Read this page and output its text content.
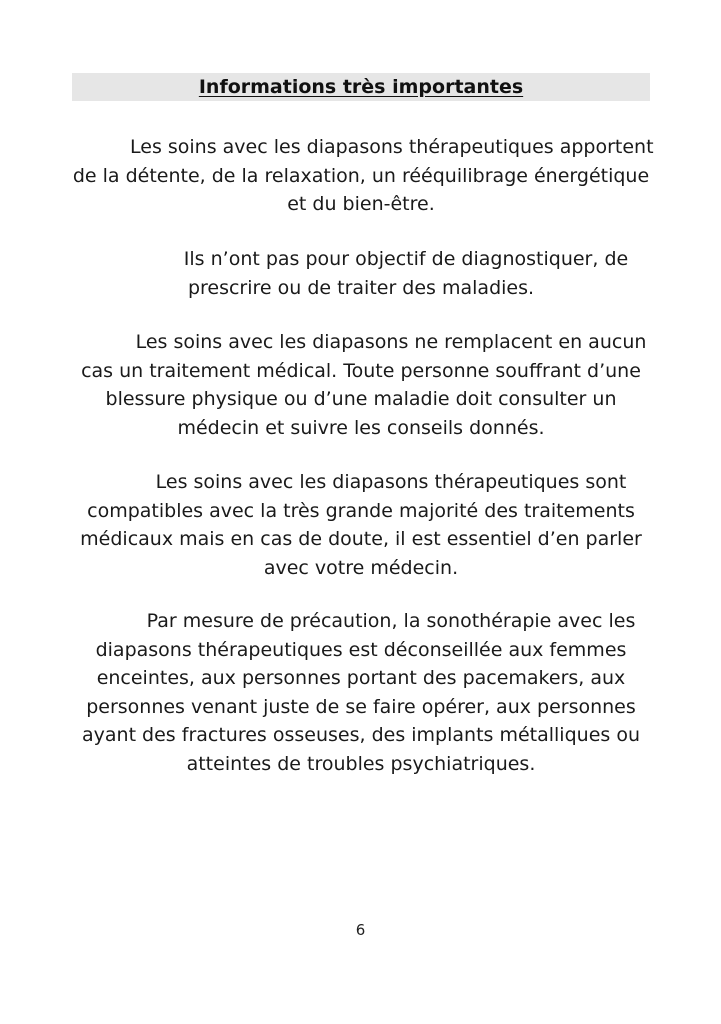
Informations très importantes

Les soins avec les diapasons thérapeutiques apportent
de la détente, de la relaxation, un rééquilibrage énergétique
et du bien-être.

Ils n’ont pas pour objectif de diagnostiquer, de
prescrire ou de traiter des maladies.

Les soins avec les diapasons ne remplacent en aucun
cas un traitement médical. Toute personne souffrant d’une
blessure physique ou d’une maladie doit consulter un
médecin et suivre les conseils donnés.

Les soins avec les diapasons thérapeutiques sont
compatibles avec la très grande majorité des traitements
médicaux mais en cas de doute, il est essentiel d’en parler
avec votre médecin.

Par mesure de précaution, la sonothérapie avec les
diapasons thérapeutiques est déconseillée aux femmes
enceintes, aux personnes portant des pacemakers, aux
personnes venant juste de se faire opérer, aux personnes
ayant des fractures osseuses, des implants métalliques ou
atteintes de troubles psychiatriques.

6
